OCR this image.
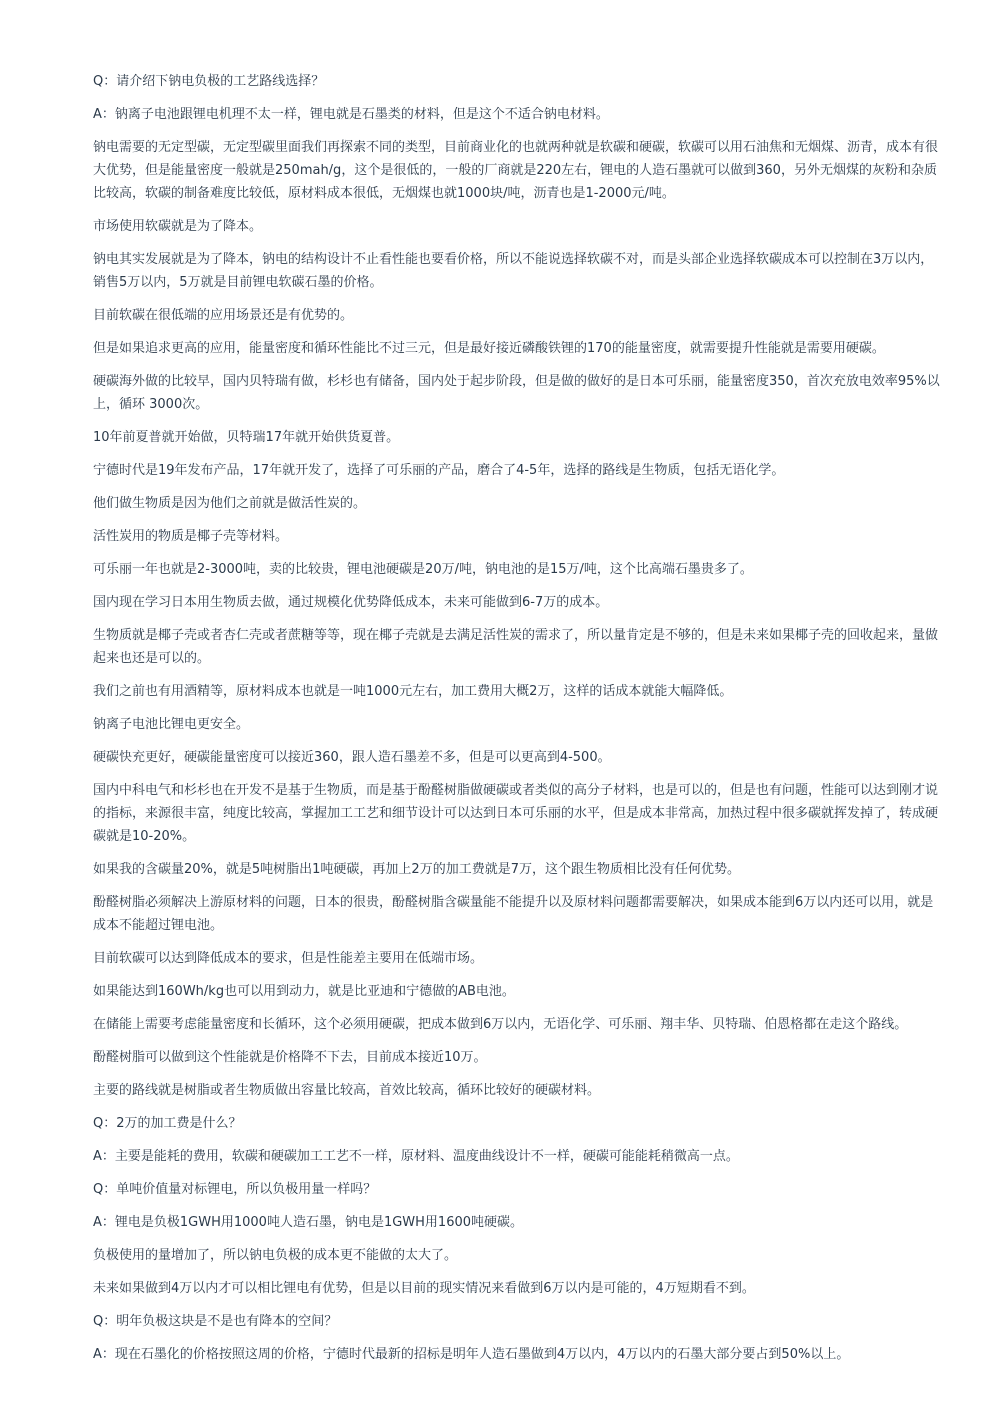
Q：请介绍下钠电负极的工艺路线选择？

A：钠离子电池跟锂电机理不太一样，锂电就是石墨类的材料，但是这个不适合钠电材料。

钠电需要的无定型碳，无定型碳里面我们再探索不同的类型，目前商业化的也就两种就是软碳和硬碳，软碳可以用石油焦和无烟煤、沥青，成本有很大优势，但是能量密度一般就是250mah/g，这个是很低的，一般的厂商就是220左右，锂电的人造石墨就可以做到360，另外无烟煤的灰粉和杂质比较高，软碳的制备难度比较低，原材料成本很低，无烟煤也就1000块/吨，沥青也是1-2000元/吨。

市场使用软碳就是为了降本。

钠电其实发展就是为了降本，钠电的结构设计不止看性能也要看价格，所以不能说选择软碳不对，而是头部企业选择软碳成本可以控制在3万以内，销售5万以内，5万就是目前锂电软碳石墨的价格。

目前软碳在很低端的应用场景还是有优势的。

但是如果追求更高的应用，能量密度和循环性能比不过三元，但是最好接近磷酸铁锂的170的能量密度，就需要提升性能就是需要用硬碳。

硬碳海外做的比较早，国内贝特瑞有做，杉杉也有储备，国内处于起步阶段，但是做的做好的是日本可乐丽，能量密度350，首次充放电效率95%以上，循环 3000次。

10年前夏普就开始做，贝特瑞17年就开始供货夏普。

宁德时代是19年发布产品，17年就开发了，选择了可乐丽的产品，磨合了4-5年，选择的路线是生物质，包括无语化学。

他们做生物质是因为他们之前就是做活性炭的。

活性炭用的物质是椰子壳等材料。

可乐丽一年也就是2-3000吨，卖的比较贵，锂电池硬碳是20万/吨，钠电池的是15万/吨，这个比高端石墨贵多了。

国内现在学习日本用生物质去做，通过规模化优势降低成本，未来可能做到6-7万的成本。

生物质就是椰子壳或者杏仁壳或者蔗糖等等，现在椰子壳就是去满足活性炭的需求了，所以量肯定是不够的，但是未来如果椰子壳的回收起来，量做起来也还是可以的。

我们之前也有用酒精等，原材料成本也就是一吨1000元左右，加工费用大概2万，这样的话成本就能大幅降低。

钠离子电池比锂电更安全。

硬碳快充更好，硬碳能量密度可以接近360，跟人造石墨差不多，但是可以更高到4-500。

国内中科电气和杉杉也在开发不是基于生物质，而是基于酚醛树脂做硬碳或者类似的高分子材料，也是可以的，但是也有问题，性能可以达到刚才说的指标，来源很丰富，纯度比较高，掌握加工工艺和细节设计可以达到日本可乐丽的水平，但是成本非常高，加热过程中很多碳就挥发掉了，转成硬碳就是10-20%。

如果我的含碳量20%，就是5吨树脂出1吨硬碳，再加上2万的加工费就是7万，这个跟生物质相比没有任何优势。

酚醛树脂必须解决上游原材料的问题，日本的很贵，酚醛树脂含碳量能不能提升以及原材料问题都需要解决，如果成本能到6万以内还可以用，就是成本不能超过锂电池。

目前软碳可以达到降低成本的要求，但是性能差主要用在低端市场。

如果能达到160Wh/kg也可以用到动力，就是比亚迪和宁德做的AB电池。

在储能上需要考虑能量密度和长循环，这个必须用硬碳，把成本做到6万以内，无语化学、可乐丽、翔丰华、贝特瑞、伯恩格都在走这个路线。

酚醛树脂可以做到这个性能就是价格降不下去，目前成本接近10万。

主要的路线就是树脂或者生物质做出容量比较高，首效比较高，循环比较好的硬碳材料。

Q：2万的加工费是什么？

A：主要是能耗的费用，软碳和硬碳加工工艺不一样，原材料、温度曲线设计不一样，硬碳可能能耗稍微高一点。

Q：单吨价值量对标锂电，所以负极用量一样吗？

A：锂电是负极1GWH用1000吨人造石墨，钠电是1GWH用1600吨硬碳。

负极使用的量增加了，所以钠电负极的成本更不能做的太大了。

未来如果做到4万以内才可以相比锂电有优势，但是以目前的现实情况来看做到6万以内是可能的，4万短期看不到。

Q：明年负极这块是不是也有降本的空间？

A：现在石墨化的价格按照这周的价格，宁德时代最新的招标是明年人造石墨做到4万以内，4万以内的石墨大部分要占到50%以上。
